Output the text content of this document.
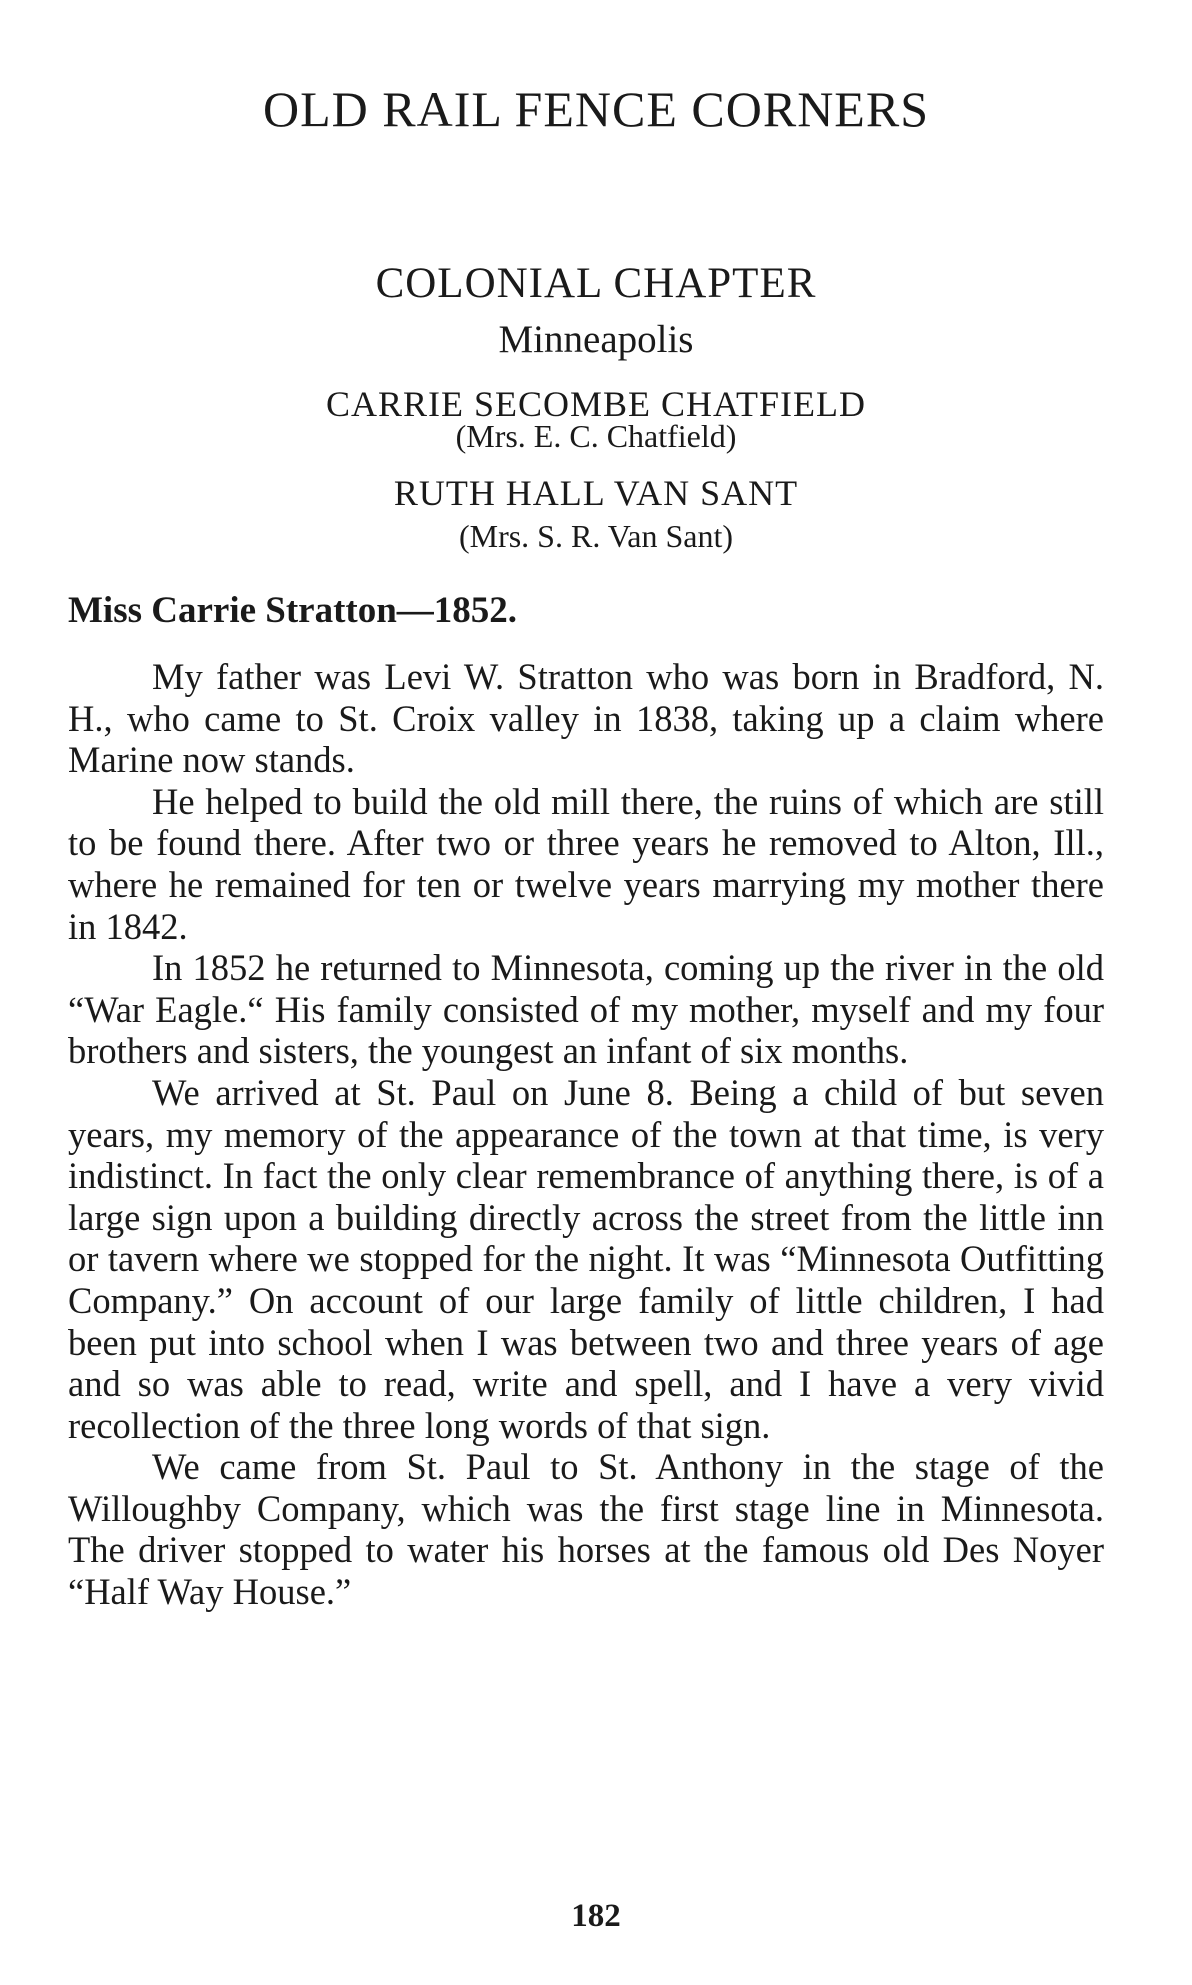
OLD RAIL FENCE CORNERS
COLONIAL CHAPTER
Minneapolis
CARRIE SECOMBE CHATFIELD
(Mrs. E. C. Chatfield)
RUTH HALL VAN SANT
(Mrs. S. R. Van Sant)
Miss Carrie Stratton—1852.

My father was Levi W. Stratton who was born in Bradford, N. H., who came to St. Croix valley in 1838, taking up a claim where Marine now stands.

He helped to build the old mill there, the ruins of which are still to be found there. After two or three years he removed to Alton, Ill., where he remained for ten or twelve years marrying my mother there in 1842.

In 1852 he returned to Minnesota, coming up the river in the old “War Eagle.“ His family consisted of my mother, myself and my four brothers and sisters, the youngest an infant of six months.

We arrived at St. Paul on June 8. Being a child of but seven years, my memory of the appearance of the town at that time, is very indistinct. In fact the only clear remembrance of anything there, is of a large sign upon a building directly across the street from the little inn or tavern where we stopped for the night. It was “Minnesota Outfitting Company.” On account of our large family of little children, I had been put into school when I was between two and three years of age and so was able to read, write and spell, and I have a very vivid recollection of the three long words of that sign.

We came from St. Paul to St. Anthony in the stage of the Willoughby Company, which was the first stage line in Minnesota. The driver stopped to water his horses at the famous old Des Noyer “Half Way House.”

182
